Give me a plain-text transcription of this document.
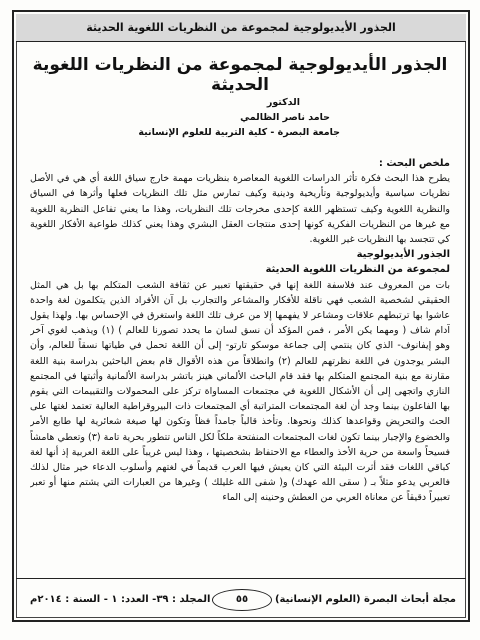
الجذور الأيديولوجية لمجموعة من النظريات اللغوية الحديثة
الجذور الأيديولوجية لمجموعة من النظريات اللغوية الحديثة
الدكتور
حامد ناصر الظالمي
جامعة البصرة - كلية التربية للعلوم الإنسانية

ملخص البحث :
يطرح هذا البحث فكرة تأثر الدراسات اللغوية المعاصرة بنظريات مهمة خارج سياق اللغة أي هي في الأصل نظريات سياسية وأيديولوجية وتأريخية ودينية وكيف تمارس مثل تلك النظريات فعلها وأثرها في السياق والنظرية اللغوية وكيف تستظهر اللغة كإحدى مخرجات تلك النظريات، وهذا ما يعني تفاعل النظرية اللغوية مع غيرها من النظريات الفكرية كونها إحدى منتجات العقل البشري وهذا يعني كذلك طواعية الأفكار اللغوية كي تتجسد بها النظريات غير اللغوية.

الجذور الأيديولوجية
لمجموعة من النظريات اللغوية الحديثة

بات من المعروف عند فلاسفة اللغة إنها في حقيقتها تعبير عن ثقافة الشعب المتكلم بها بل هي المثل الحقيقي لشخصية الشعب فهي ناقلة للأفكار والمشاعر والتجارب بل آن الأفراد الذين يتكلمون لغة واحدة عاشوا بها ترتبطهم علاقات ومشاعر لا يفهمها إلا من عرف تلك اللغة واستغرق في الإحساس بها. ولهذا يقول آدام شاف ( ومهما يكن الأمر ، فمن المؤكد أن نسق لسان ما يحدد تصورنا للعالم ) (١) ويذهب لغوي آخر وهو إيفانوف- الذي كان ينتمي إلى جماعة موسكو تارتو- إلى أن اللغة تحمل في طياتها نسقاً للعالم، وأن البشر يوجدون في اللغة نظرتهم للعالم (٢) وانطلاقاً من هذه الأقوال قام بعض الباحثين بدراسة بنية اللغة مقارنة مع بنية المجتمع المتكلم بها فقد قام الباحث الألماني هينز باتشر بدراسة الألمانية وأثبتها في المجتمع النازي واتجهى إلى أن الأشكال اللغوية في مجتمعات المساواة تركز على المحمولات والتقييمات التي يقوم بها الفاعلون بينما وجد أن لغة المجتمعات المتراتبة أي المجتمعات ذات البيروقراطية العالية تعتمد لغتها على الحث والتحريض وقواعدها كذلك ونحوها. وتأخذ قالباً جامداً فظاً وتكون لها صيغة شعائرية لها طابع الأمر والخضوع والإجبار بينما تكون لغات المجتمعات المنفتحة ملكاً لكل الناس تتطور بحرية تامة (٣) وتعطي هامشاً فسيحاً واسعة من حرية الأخذ والعطاء مع الاحتفاظ بشخصيتها ، وهذا ليس غريباً على اللغة العربية إذ أنها لغة كباقي اللغات فقد أثرت البيئة التي كان يعيش فيها العرب قديماً في لغتهم وأسلوب الدعاء خير مثال لذلك فالعربي يدعو مثلاً بـ ( سقى الله عهدك) و( شفى الله غليلك ) وغيرها من العبارات التي يشتم منها أو تعبر تعبيراً دقيقاً عن معاناة العربي من العطش وحنينه إلى الماء

مجلة أبحاث البصرة (العلوم الإنسانية)
٥٥
المجلد : ٣٩- العدد: ١ - السنة : ٢٠١٤م
